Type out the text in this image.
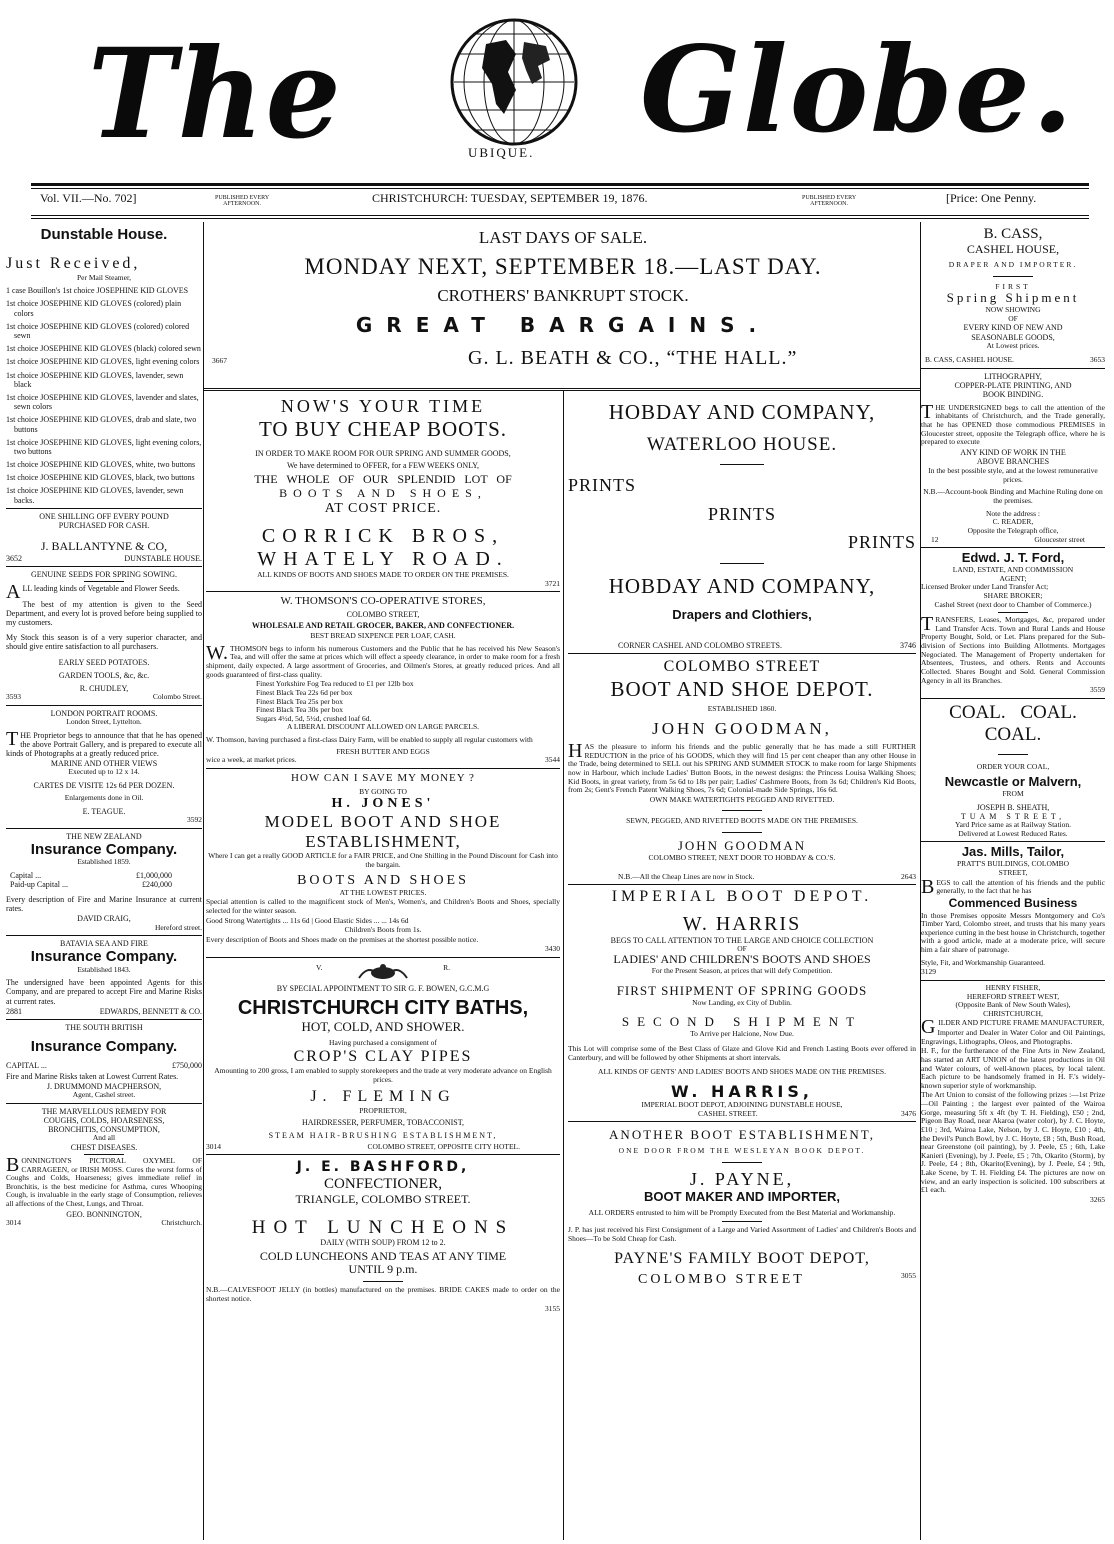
The	UBIQUE. Globe.
Vol. VII.—No. 702]	PUBLISHED EVERY
AFTERNOON.	CHRISTCHURCH: TUESDAY, SEPTEMBER 19, 1876.	PUBLISHED EVERY
AFTERNOON.	[Price: One Penny.
Dunstable House.
Just Received,
Per Mail Steamer,
1 case Bouillon's 1st choice JOSEPHINE KID GLOVES
1st choice JOSEPHINE KID GLOVES (colored) plain colors
1st choice JOSEPHINE KID GLOVES (colored) colored sewn
1st choice JOSEPHINE KID GLOVES (black) colored sewn
1st choice JOSEPHINE KID GLOVES, light evening colors
1st choice JOSEPHINE KID GLOVES, lavender, sewn black
1st choice JOSEPHINE KID GLOVES, lavender and slates, sewn colors
1st choice JOSEPHINE KID GLOVES, drab and slate, two buttons
1st choice JOSEPHINE KID GLOVES, light evening colors, two buttons
1st choice JOSEPHINE KID GLOVES, white, two buttons
1st choice JOSEPHINE KID GLOVES, black, two buttons
1st choice JOSEPHINE KID GLOVES, lavender, sewn backs.
ONE SHILLING OFF EVERY POUND
PURCHASED FOR CASH.
J. BALLANTYNE & CO,
3652	DUNSTABLE HOUSE.
GENUINE SEEDS FOR SPRING SOWING.

ALL leading kinds of Vegetable and Flower Seeds.

The best of my attention is given to the Seed Department, and every lot is proved before being supplied to my customers.

My Stock this season is of a very superior character, and should give entire satisfaction to all purchasers.

EARLY SEED POTATOES.
GARDEN TOOLS, &c, &c.
R. CHUDLEY,
3593	Colombo Street.
LONDON PORTRAIT ROOMS.
London Street, Lyttelton.

THE Proprietor begs to announce that that he has opened the above Portrait Gallery, and is prepared to execute all kinds of Photographs at a greatly reduced price.

MARINE AND OTHER VIEWS
Executed up to 12 x 14.
CARTES DE VISITE 12s 6d PER DOZEN.
Enlargements done in Oil.
E. TEAGUE.
3592
THE NEW ZEALAND
Insurance Company.
Established 1859.
Capital ...	£1,000,000
Paid-up Capital ...	£240,000

Every description of Fire and Marine Insurance at current rates.

DAVID CRAIG,
Hereford street.
BATAVIA SEA AND FIRE
Insurance Company.
Established 1843.

The undersigned have been appointed Agents for this Company, and are prepared to accept Fire and Marine Risks at current rates.

2881	EDWARDS, BENNETT & CO.
THE SOUTH BRITISH
Insurance Company.
CAPITAL ...	£750,000

Fire and Marine Risks taken at Lowest Current Rates.

J. DRUMMOND MACPHERSON,
Agent, Cashel street.
THE MARVELLOUS REMEDY FOR
COUGHS, COLDS, HOARSENESS,
BRONCHITIS, CONSUMPTION,
And all
CHEST DISEASES.

BONNINGTON'S PICTORAL OXYMEL OF CARRAGEEN, or IRISH MOSS. Cures the worst forms of Coughs and Colds, Hoarseness; gives immediate relief in Bronchitis, is the best medicine for Asthma, cures Whooping Cough, is invaluable in the early stage of Consumption, relieves all affections of the Chest, Lungs, and Throat.

GEO. BONNINGTON,
3014	Christchurch.
LAST DAYS OF SALE.
MONDAY NEXT, SEPTEMBER 18.—LAST DAY.
CROTHERS' BANKRUPT STOCK.
GREAT BARGAINS.
3667	G. L. BEATH & CO., “THE HALL.”
NOW'S YOUR TIME
TO BUY CHEAP BOOTS.
IN ORDER TO MAKE ROOM FOR OUR SPRING AND SUMMER GOODS,
We have determined to OFFER, for a FEW WEEKS ONLY,
THE WHOLE OF OUR SPLENDID LOT OF
BOOTS AND SHOES,
AT COST PRICE.
CORRICK BROS,
WHATELY ROAD.
ALL KINDS OF BOOTS AND SHOES MADE TO ORDER ON THE PREMISES.
3721
W. THOMSON'S CO-OPERATIVE STORES,
COLOMBO STREET,
WHOLESALE AND RETAIL GROCER, BAKER, AND CONFECTIONER.
BEST BREAD SIXPENCE PER LOAF, CASH.

W.THOMSON begs to inform his numerous Customers and the Public that he has received his New Season's Tea, and will offer the same at prices which will effect a speedy clearance, in order to make room for a fresh shipment, daily expected. A large assortment of Groceries, and Oilmen's Stores, at greatly reduced prices. And all goods guaranteed of first-class quality.

Finest Yorkshire Fog Tea reduced to £1 per 12lb box
Finest Black Tea 22s 6d per box
Finest Black Tea 25s per box
Finest Black Tea 30s per box
Sugars 4½d, 5d, 5½d, crushed loaf 6d.
A LIBERAL DISCOUNT ALLOWED ON LARGE PARCELS.

W. Thomson, having purchased a first-class Dairy Farm, will be enabled to supply all regular customers with

FRESH BUTTER AND EGGS
wice a week, at market prices.	3544
HOW CAN I SAVE MY MONEY ?
BY GOING TO
H. JONES'
MODEL BOOT AND SHOE
ESTABLISHMENT,

Where I can get a really GOOD ARTICLE for a FAIR PRICE, and One Shilling in the Pound Discount for Cash into the bargain.

BOOTS AND SHOES
AT THE LOWEST PRICES.

Special attention is called to the magnificent stock of Men's, Women's, and Children's Boots and Shoes, specially selected for the winter season.

Good Strong Watertights ... 11s 6d | Good Elastic Sides ... ... 14s 6d

Children's Boots from 1s.

Every description of Boots and Shoes made on the premises at the shortest possible notice.

3430
V.	R.
BY SPECIAL APPOINTMENT TO SIR G. F. BOWEN, G.C.M.G
CHRISTCHURCH CITY BATHS,
HOT, COLD, AND SHOWER.
Having purchased a consignment of
CROP'S CLAY PIPES

Amounting to 200 gross, I am enabled to supply storekeepers and the trade at very moderate advance on English prices.

J. FLEMING
PROPRIETOR,
HAIRDRESSER, PERFUMER, TOBACCONIST,
STEAM HAIR-BRUSHING ESTABLISHMENT,
3014	COLOMBO STREET, OPPOSITE CITY HOTEL.
J. E. BASHFORD,
CONFECTIONER,
TRIANGLE, COLOMBO STREET.
HOT LUNCHEONS
DAILY (WITH SOUP) FROM 12 to 2.
COLD LUNCHEONS AND TEAS AT ANY TIME
UNTIL 9 p.m.

N.B.—CALVESFOOT JELLY (in bottles) manufactured on the premises. BRIDE CAKES made to order on the shortest notice.

3155
HOBDAY AND COMPANY,
WATERLOO HOUSE.
PRINTS
PRINTS
PRINTS
HOBDAY AND COMPANY,
Drapers and Clothiers,
CORNER CASHEL AND COLOMBO STREETS.	3746
COLOMBO STREET
BOOT AND SHOE DEPOT.
ESTABLISHED 1860.
JOHN GOODMAN,

HAS the pleasure to inform his friends and the public generally that he has made a still FURTHER REDUCTION in the price of his GOODS, which they will find 15 per cent cheaper than any other House in the Trade, being determined to SELL out his SPRING AND SUMMER STOCK to make room for large Shipments now in Harbour, which include Ladies' Button Boots, in the newest designs: the Princess Louisa Walking Shoes; Kid Boots, in great variety, from 5s 6d to 18s per pair; Ladies' Cashmere Boots, from 3s 6d; Children's Kid Boots, from 2s; Gent's French Patent Walking Shoes, 7s 6d; Colonial-made Side Springs, 16s 6d.

OWN MAKE WATERTIGHTS PEGGED AND RIVETTED.
SEWN, PEGGED, AND RIVETTED BOOTS MADE ON THE PREMISES.
JOHN GOODMAN
COLOMBO STREET, NEXT DOOR TO HOBDAY & CO.'S.
N.B.—All the Cheap Lines are now in Stock.	2643
IMPERIAL BOOT DEPOT.
W. HARRIS
BEGS TO CALL ATTENTION TO THE LARGE AND CHOICE COLLECTION
OF
LADIES' AND CHILDREN'S BOOTS AND SHOES
For the Present Season, at prices that will defy Competition.
FIRST SHIPMENT OF SPRING GOODS
Now Landing, ex City of Dublin.
SECOND SHIPMENT
To Arrive per Halcione, Now Due.

This Lot will comprise some of the Best Class of Glaze and Glove Kid and French Lasting Boots ever offered in Canterbury, and will be followed by other Shipments at short intervals.

ALL KINDS OF GENTS' AND LADIES' BOOTS AND SHOES MADE ON THE PREMISES.
W. HARRIS,
IMPERIAL BOOT DEPOT, ADJOINING DUNSTABLE HOUSE,
CASHEL STREET.	3476
ANOTHER BOOT ESTABLISHMENT,
ONE DOOR FROM THE WESLEYAN BOOK DEPOT.
J. PAYNE,
BOOT MAKER AND IMPORTER,

ALL ORDERS entrusted to him will be Promptly Executed from the Best Material and Workmanship.

J. P. has just received his First Consignment of a Large and Varied Assortment of Ladies' and Children's Boots and Shoes—To be Sold Cheap for Cash.

PAYNE'S FAMILY BOOT DEPOT,
COLOMBO STREET	3055
B. CASS,
CASHEL HOUSE,
DRAPER AND IMPORTER.
FIRST
Spring Shipment
NOW SHOWING
OF
EVERY KIND OF NEW AND
SEASONABLE GOODS,
At Lowest prices.
B. CASS, CASHEL HOUSE.	3653
LITHOGRAPHY,
COPPER-PLATE PRINTING, AND
BOOK BINDING.

THE UNDERSIGNED begs to call the attention of the inhabitants of Christchurch, and the Trade generally, that he has OPENED those commodious PREMISES in Gloucester street, opposite the Telegraph office, where he is prepared to execute

ANY KIND OF WORK IN THE
ABOVE BRANCHES

In the best possible style, and at the lowest remunerative prices.

N.B.—Account-book Binding and Machine Ruling done on the premises.

Note the address :
C. READER,
Opposite the Telegraph office,
12	Gloucester street
Edwd. J. T. Ford,
LAND, ESTATE, AND COMMISSION
AGENT;
Licensed Broker under Land Transfer Act;
SHARE BROKER;
Cashel Street (next door to Chamber of Commerce.)

TRANSFERS, Leases, Mortgages, &c, prepared under Land Transfer Acts. Town and Rural Lands and House Property Bought, Sold, or Let. Plans prepared for the Sub-division of Sections into Building Allotments. Mortgages Negociated. The Management of Property undertaken for Absentees, Trustees, and others. Rents and Accounts Collected. Shares Bought and Sold. General Commission Agency in all its Branches.

3559
COAL. COAL.
COAL.
ORDER YOUR COAL,
Newcastle or Malvern,
FROM
JOSEPH B. SHEATH,
TUAM STREET,
Yard Price same as at Railway Station.
Delivered at Lowest Reduced Rates.
Jas. Mills, Tailor,
PRATT'S BUILDINGS, COLOMBO
STREET,

BEGS to call the attention of his friends and the public generally, to the fact that he has

Commenced Business

In those Premises opposite Messrs Montgomery and Co's Timber Yard, Colombo street, and trusts that his many years experience cutting in the best house in Christchurch, together with a good article, made at a moderate price, will secure him a fair share of patronage.

Style, Fit, and Workmanship Guaranteed.

3129
HENRY FISHER,
HEREFORD STREET WEST,
(Opposite Bank of New South Wales),
CHRISTCHURCH,

GILDER AND PICTURE FRAME MANUFACTURER,

Importer and Dealer in Water Color and Oil Paintings, Engravings, Lithographs, Oleos, and Photographs.

H. F., for the furtherance of the Fine Arts in New Zealand, has started an ART UNION of the latest productions in Oil and Water colours, of well-known places, by local talent. Each picture to be handsomely framed in H. F.'s widely-known superior style of workmanship.

The Art Union to consist of the following prizes :—1st Prize—Oil Painting ; the largest ever painted of the Wairoa Gorge, measuring 5ft x 4ft (by T. H. Fielding), £50 ; 2nd, Pigeon Bay Road, near Akaroa (water color), by J. C. Hoyte, £10 ; 3rd, Wairoa Lake, Nelson, by J. C. Hoyte, £10 ; 4th, the Devil's Punch Bowl, by J. C. Hoyte, £8 ; 5th, Bush Road, near Greenstone (oil painting), by J. Peele, £5 ; 6th, Lake Kanieri (Evening), by J. Peele, £5 ; 7th, Okarito (Storm), by J. Peele, £4 ; 8th, Okarito(Evening), by J. Peele, £4 ; 9th, Lake Scene, by T. H. Fielding £4. The pictures are now on view, and an early inspection is solicited. 100 subscribers at £1 each.

3265
